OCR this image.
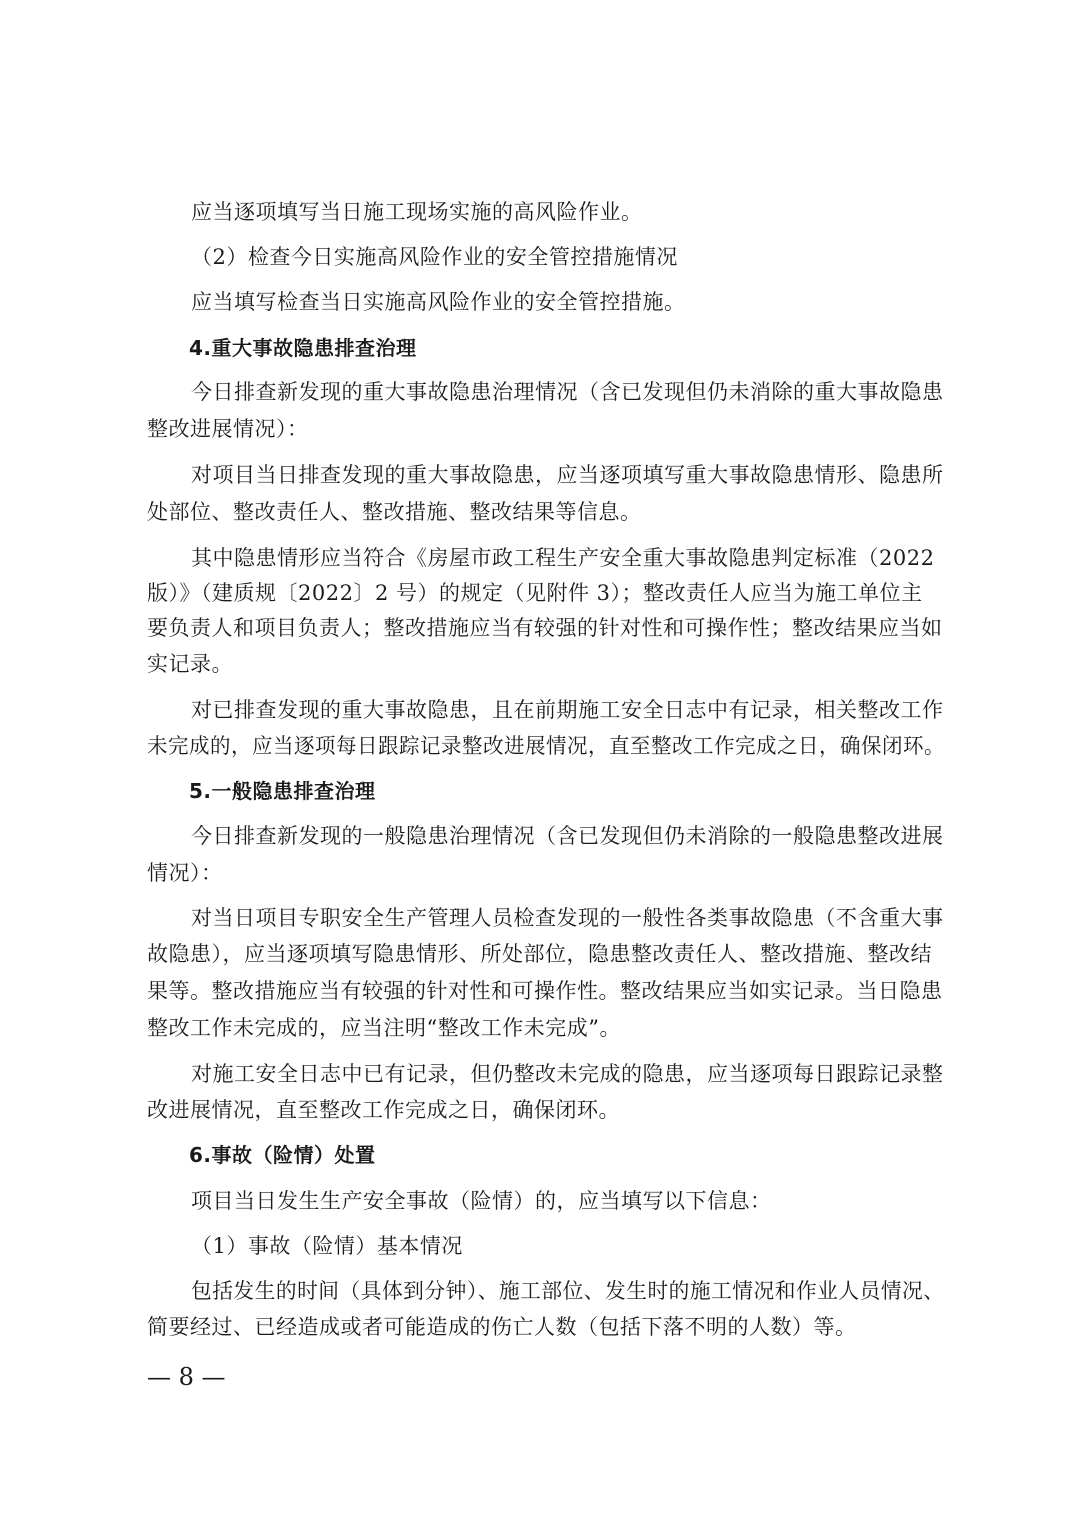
应当逐项填写当日施工现场实施的高风险作业。
（2）检查今日实施高风险作业的安全管控措施情况
应当填写检查当日实施高风险作业的安全管控措施。
4.重大事故隐患排查治理
今日排查新发现的重大事故隐患治理情况（含已发现但仍未消除的重大事故隐患
整改进展情况）：
对项目当日排查发现的重大事故隐患，应当逐项填写重大事故隐患情形、隐患所
处部位、整改责任人、整改措施、整改结果等信息。
其中隐患情形应当符合《房屋市政工程生产安全重大事故隐患判定标准（2022
版）》（建质规〔2022〕2 号）的规定（见附件 3）；整改责任人应当为施工单位主
要负责人和项目负责人；整改措施应当有较强的针对性和可操作性；整改结果应当如
实记录。
对已排查发现的重大事故隐患，且在前期施工安全日志中有记录，相关整改工作
未完成的，应当逐项每日跟踪记录整改进展情况，直至整改工作完成之日，确保闭环。
5.一般隐患排查治理
今日排查新发现的一般隐患治理情况（含已发现但仍未消除的一般隐患整改进展
情况）：
对当日项目专职安全生产管理人员检查发现的一般性各类事故隐患（不含重大事
故隐患），应当逐项填写隐患情形、所处部位，隐患整改责任人、整改措施、整改结
果等。整改措施应当有较强的针对性和可操作性。整改结果应当如实记录。当日隐患
整改工作未完成的，应当注明“整改工作未完成”。
对施工安全日志中已有记录，但仍整改未完成的隐患，应当逐项每日跟踪记录整
改进展情况，直至整改工作完成之日，确保闭环。
6.事故（险情）处置
项目当日发生生产安全事故（险情）的，应当填写以下信息：
（1）事故（险情）基本情况
包括发生的时间（具体到分钟）、施工部位、发生时的施工情况和作业人员情况、
简要经过、已经造成或者可能造成的伤亡人数（包括下落不明的人数）等。
— 8 —
